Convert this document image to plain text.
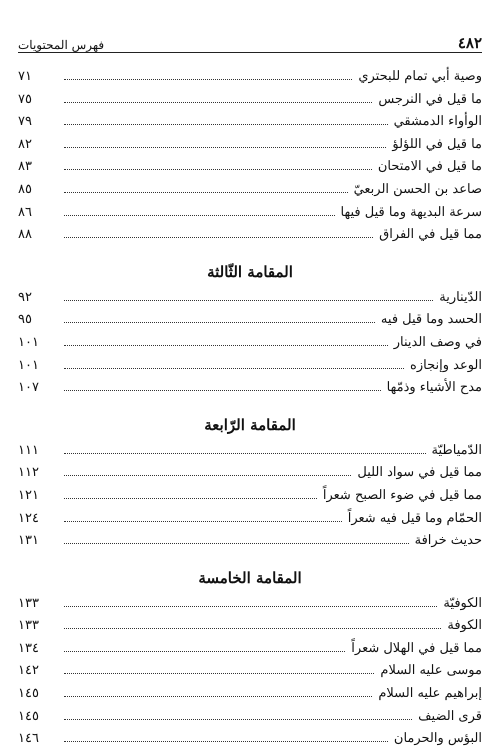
٤٨٢
فهرس المحتويات
وصية أبي تمام للبحتري
٧١
ما قيل في النرجس
٧٥
الوأواء الدمشقي
٧٩
ما قيل في اللؤلؤ
٨٢
ما قيل في الامتحان
٨٣
صاعد بن الحسن الربعيّ
٨٥
سرعة البديهة وما قيل فيها
٨٦
مما قيل في الفراق
٨٨
المقامة الثّالثة
الدّينارية
٩٢
الحسد وما قيل فيه
٩٥
في وصف الدينار
١٠١
الوعد وإنجازه
١٠١
مدح الأشياء وذمّها
١٠٧
المقامة الرّابعة
الدّمياطيّة
١١١
مما قيل في سواد الليل
١١٢
مما قيل في ضوء الصبح شعراً
١٢١
الحمّام وما قيل فيه شعراً
١٢٤
حديث خرافة
١٣١
المقامة الخامسة
الكوفيّة
١٣٣
الكوفة
١٣٣
مما قيل في الهلال شعراً
١٣٤
موسى عليه السلام
١٤٢
إبراهيم عليه السلام
١٤٥
قرى الضيف
١٤٥
البؤس والحرمان
١٤٦
